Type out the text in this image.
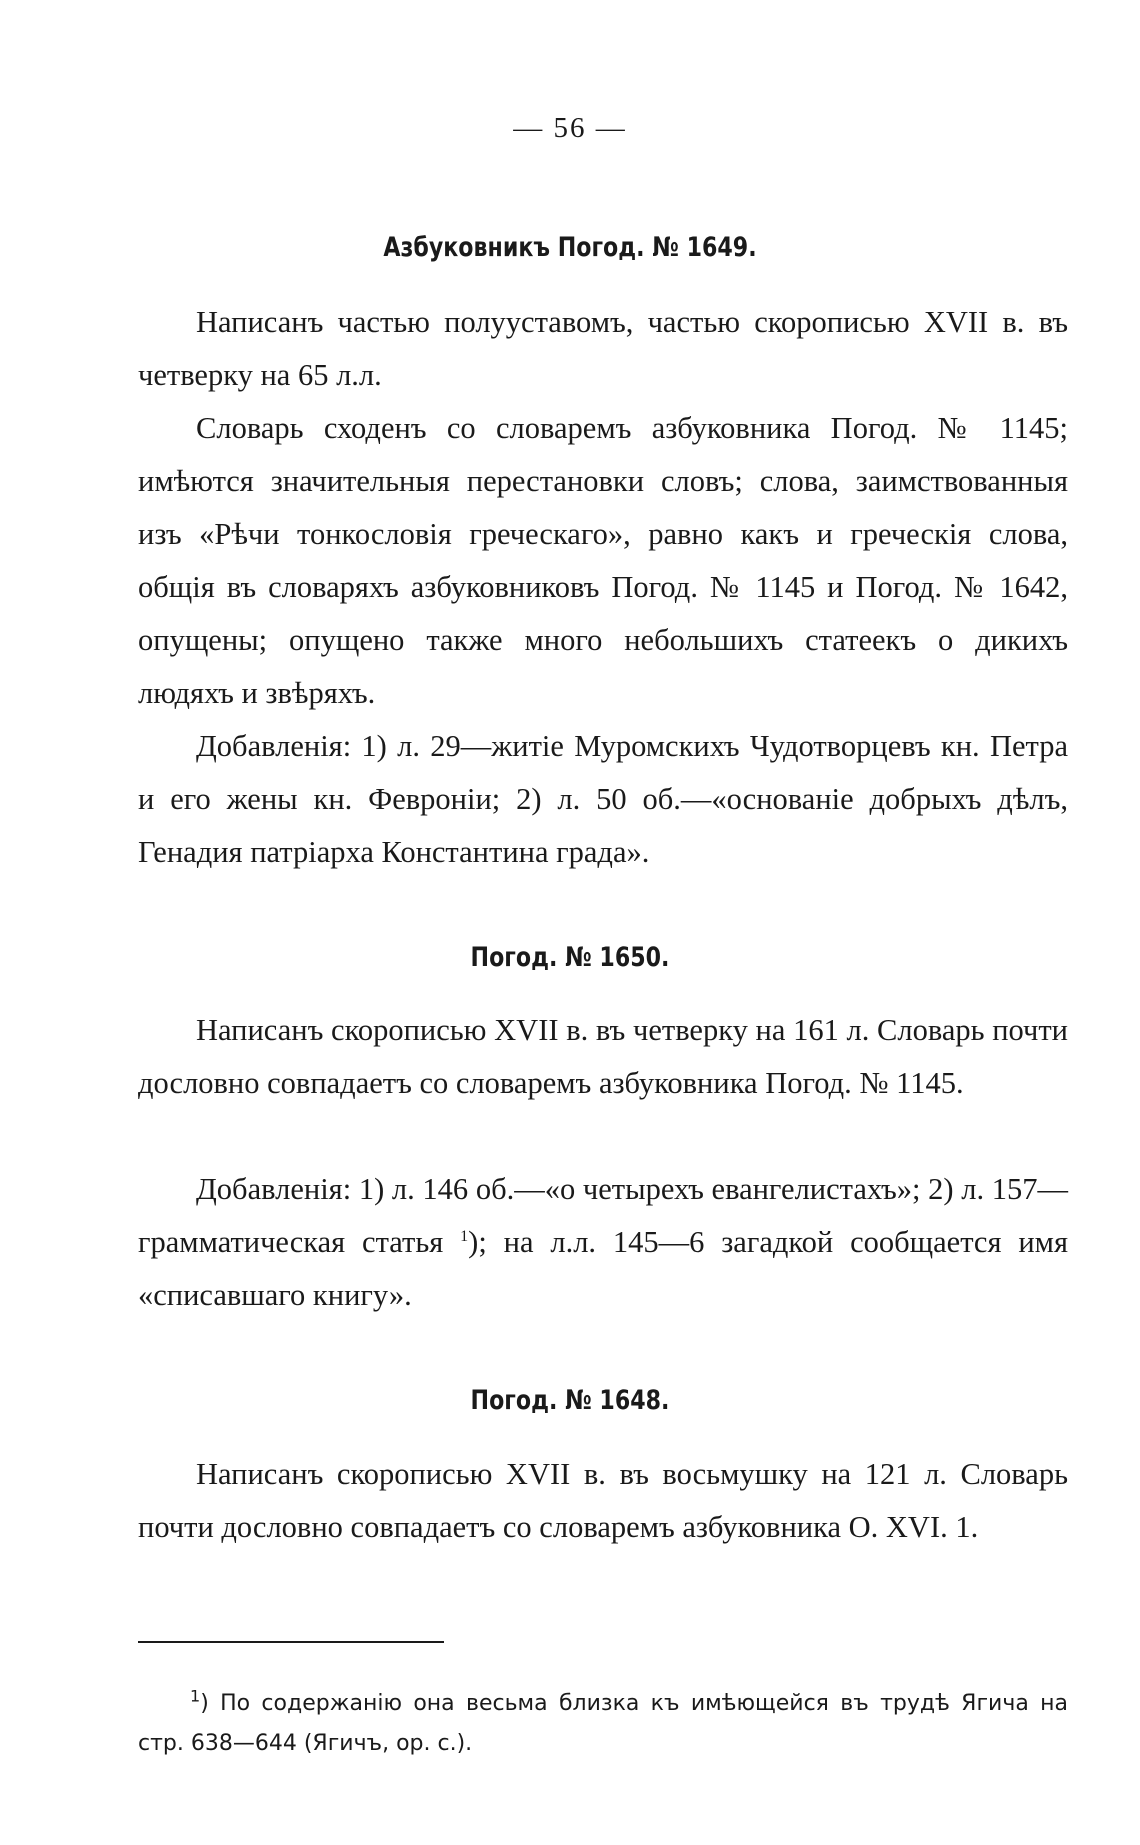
— 56 —
Азбуковникъ Погод. № 1649.

Написанъ частью полууставомъ, частью скорописью XVII в. въ четверку на 65 л.л.

Словарь сходенъ со словаремъ азбуковника Погод. № 1145; имѣются значительныя перестановки словъ; слова, заимствованныя изъ «Рѣчи тонкословія греческаго», равно какъ и греческія слова, общія въ словаряхъ азбуковниковъ Погод. № 1145 и Погод. № 1642, опущены; опущено также много небольшихъ статеекъ о дикихъ людяхъ и звѣряхъ.

Добавленія: 1) л. 29—житіе Муромскихъ Чудотворцевъ кн. Петра и его жены кн. Февроніи; 2) л. 50 об.—«основаніе добрыхъ дѣлъ, Генадия патріарха Константина града».

Погод. № 1650.

Написанъ скорописью XVII в. въ четверку на 161 л. Словарь почти дословно совпадаетъ со словаремъ азбуковника Погод. № 1145.

Добавленія: 1) л. 146 об.—«о четырехъ евангелистахъ»; 2) л. 157—грамматическая статья $^1$); на л.л. 145—6 загадкой сообщается имя «списавшаго книгу».

Погод. № 1648.

Написанъ скорописью XVII в. въ восьмушку на 121 л. Словарь почти дословно совпадаетъ со словаремъ азбуковника О. XVI. 1.

$^1$) По содержанію она весьма близка къ имѣющейся въ трудѣ Ягича на стр. 638—644 (Ягичъ, ор. с.).
